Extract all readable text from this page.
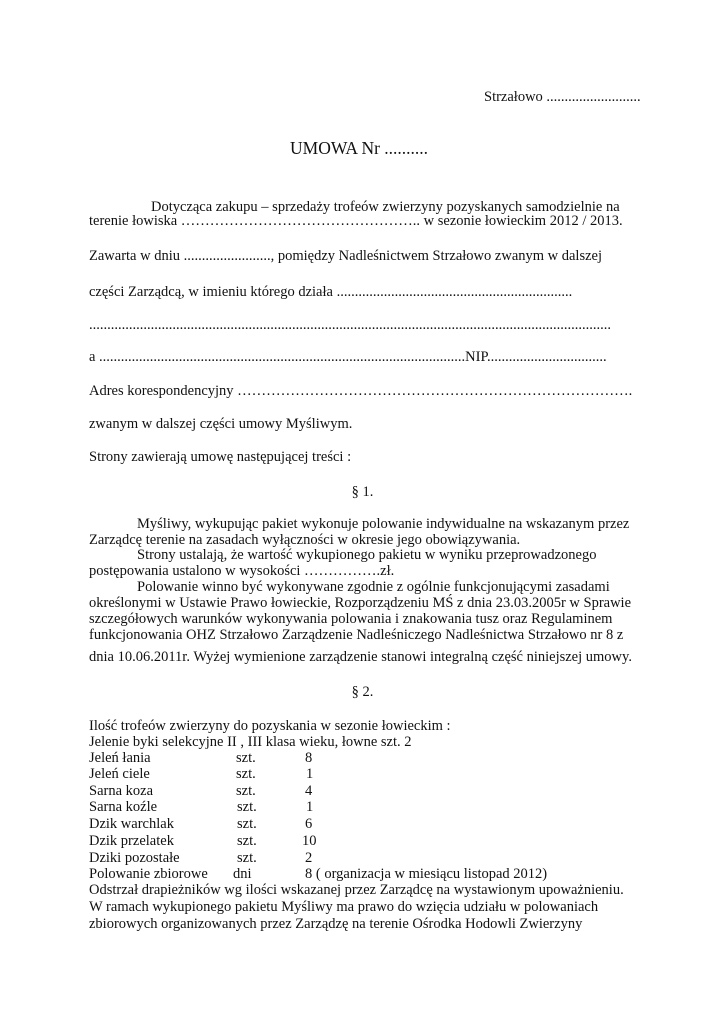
Strzałowo ..........................
UMOWA Nr ..........
Dotycząca zakupu – sprzedaży trofeów zwierzyny pozyskanych samodzielnie na
terenie łowiska ………………………………………….. w sezonie łowieckim 2012 / 2013.
Zawarta w dniu ........................, pomiędzy Nadleśnictwem Strzałowo zwanym w dalszej
części Zarządcą, w imieniu którego działa .................................................................
................................................................................................................................................
a .....................................................................................................NIP.................................
Adres korespondencyjny ……………………………………………………………………….
zwanym w dalszej części umowy Myśliwym.
Strony zawierają umowę następującej treści :
§ 1.
Myśliwy, wykupując pakiet wykonuje polowanie indywidualne na wskazanym przez
Zarządcę terenie na zasadach wyłączności w okresie jego obowiązywania.
Strony ustalają, że wartość wykupionego pakietu w wyniku przeprowadzonego
postępowania ustalono w wysokości …………….zł.
Polowanie winno być wykonywane zgodnie z ogólnie funkcjonującymi zasadami
określonymi w Ustawie Prawo łowieckie, Rozporządzeniu MŚ z dnia 23.03.2005r w Sprawie
szczegółowych warunków wykonywania polowania i znakowania tusz oraz Regulaminem
funkcjonowania OHZ Strzałowo Zarządzenie Nadleśniczego Nadleśnictwa Strzałowo nr 8 z
dnia 10.06.2011r. Wyżej wymienione zarządzenie stanowi integralną część niniejszej umowy.
§ 2.
Ilość trofeów zwierzyny do pozyskania w sezonie łowieckim :
Jelenie byki selekcyjne II , III klasa wieku, łowne szt. 2
Jeleń łania	szt.	8
Jeleń ciele	szt.	1
Sarna koza	szt.	4
Sarna koźle	szt.	1
Dzik warchlak	szt.	6
Dzik przelatek	szt.	10
Dziki pozostałe	szt.	2
Polowanie zbiorowe dni	8 ( organizacja w miesiącu listopad 2012)
Odstrzał drapieżników wg ilości wskazanej przez Zarządcę na wystawionym upoważnieniu.
W ramach wykupionego pakietu Myśliwy ma prawo do wzięcia udziału w polowaniach
zbiorowych organizowanych przez Zarządzę na terenie Ośrodka Hodowli Zwierzyny
